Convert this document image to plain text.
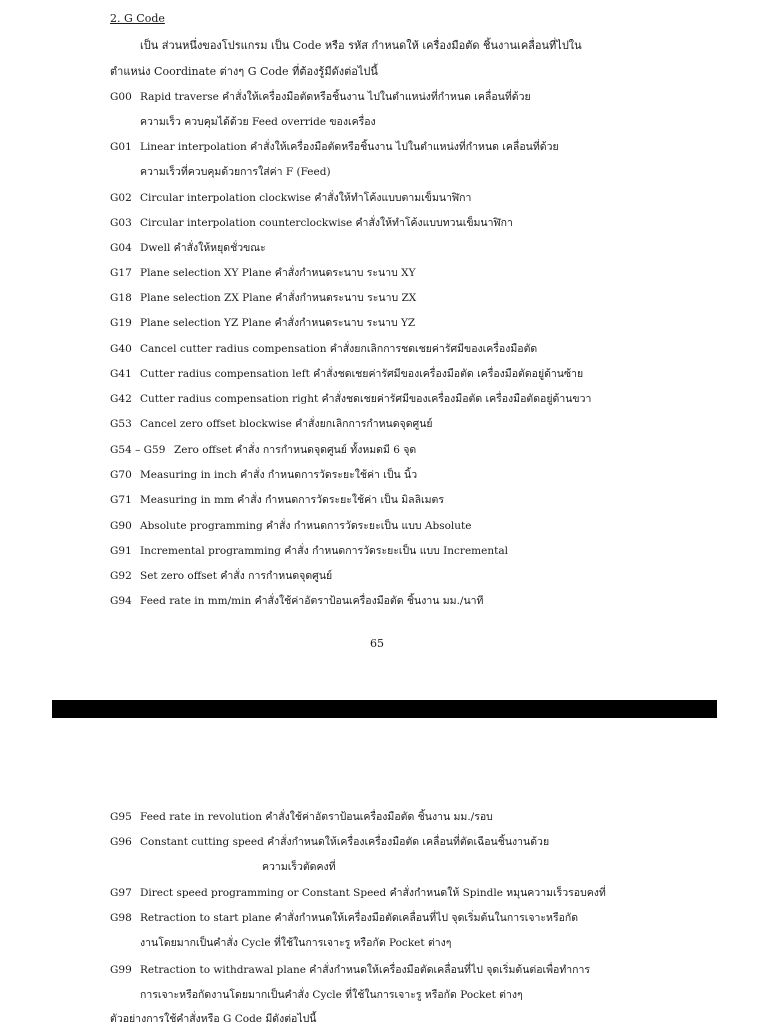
2. G Code
เป็น ส่วนหนึ่งของโปรแกรม เป็น Code หรือ รหัส กำหนดให้ เครื่องมือตัด ชิ้นงานเคลื่อนที่ไปใน
ตำแหน่ง Coordinate ต่างๆ G Code ที่ต้องรู้มีดังต่อไปนี้
G00 Rapid traverse คำสั่งให้เครื่องมือตัดหรือชิ้นงาน ไปในตำแหน่งที่กำหนด เคลื่อนที่ด้วย
ความเร็ว ควบคุมได้ด้วย Feed override ของเครื่อง
G01 Linear interpolation คำสั่งให้เครื่องมือตัดหรือชิ้นงาน ไปในตำแหน่งที่กำหนด เคลื่อนที่ด้วย
ความเร็วที่ควบคุมด้วยการใส่ค่า F (Feed)
G02 Circular interpolation clockwise คำสั่งให้ทำโค้งแบบตามเข็มนาฬิกา
G03 Circular interpolation counterclockwise คำสั่งให้ทำโค้งแบบทวนเข็มนาฬิกา
G04 Dwell คำสั่งให้หยุดชั่วขณะ
G17 Plane selection XY Plane คำสั่งกำหนดระนาบ ระนาบ XY
G18 Plane selection ZX Plane คำสั่งกำหนดระนาบ ระนาบ ZX
G19 Plane selection YZ Plane คำสั่งกำหนดระนาบ ระนาบ YZ
G40 Cancel cutter radius compensation คำสั่งยกเลิกการชดเชยค่ารัศมีของเครื่องมือตัด
G41 Cutter radius compensation left คำสั่งชดเชยค่ารัศมีของเครื่องมือตัด เครื่องมือตัดอยู่ด้านซ้าย
G42 Cutter radius compensation right คำสั่งชดเชยค่ารัศมีของเครื่องมือตัด เครื่องมือตัดอยู่ด้านขวา
G53 Cancel zero offset blockwise คำสั่งยกเลิกการกำหนดจุดศูนย์
G54 – G59 Zero offset คำสั่ง การกำหนดจุดศูนย์ ทั้งหมดมี 6 จุด
G70 Measuring in inch คำสั่ง กำหนดการวัดระยะใช้ค่า เป็น นิ้ว
G71 Measuring in mm คำสั่ง กำหนดการวัดระยะใช้ค่า เป็น มิลลิเมตร
G90 Absolute programming คำสั่ง กำหนดการวัดระยะเป็น แบบ Absolute
G91 Incremental programming คำสั่ง กำหนดการวัดระยะเป็น แบบ Incremental
G92 Set zero offset คำสั่ง การกำหนดจุดศูนย์
G94 Feed rate in mm/min คำสั่งใช้ค่าอัตราป้อนเครื่องมือตัด ชิ้นงาน มม./นาที
65
G95 Feed rate in revolution คำสั่งใช้ค่าอัตราป้อนเครื่องมือตัด ชิ้นงาน มม./รอบ
G96 Constant cutting speed คำสั่งกำหนดให้เครื่องเครื่องมือตัด เคลื่อนที่ตัดเฉือนชิ้นงานด้วย
ความเร็วตัดคงที่
G97 Direct speed programming or Constant Speed คำสั่งกำหนดให้ Spindle หมุนความเร็วรอบคงที่
G98 Retraction to start plane คำสั่งกำหนดให้เครื่องมือตัดเคลื่อนที่ไป จุดเริ่มต้นในการเจาะหรือกัด
งานโดยมากเป็นคำสั่ง Cycle ที่ใช้ในการเจาะรู หรือกัด Pocket ต่างๆ
G99 Retraction to withdrawal plane คำสั่งกำหนดให้เครื่องมือตัดเคลื่อนที่ไป จุดเริ่มต้นต่อเพื่อทำการ
การเจาะหรือกัดงานโดยมากเป็นคำสั่ง Cycle ที่ใช้ในการเจาะรู หรือกัด Pocket ต่างๆ
ตัวอย่างการใช้คำสั่งหรือ G Code มีดังต่อไปนี้
